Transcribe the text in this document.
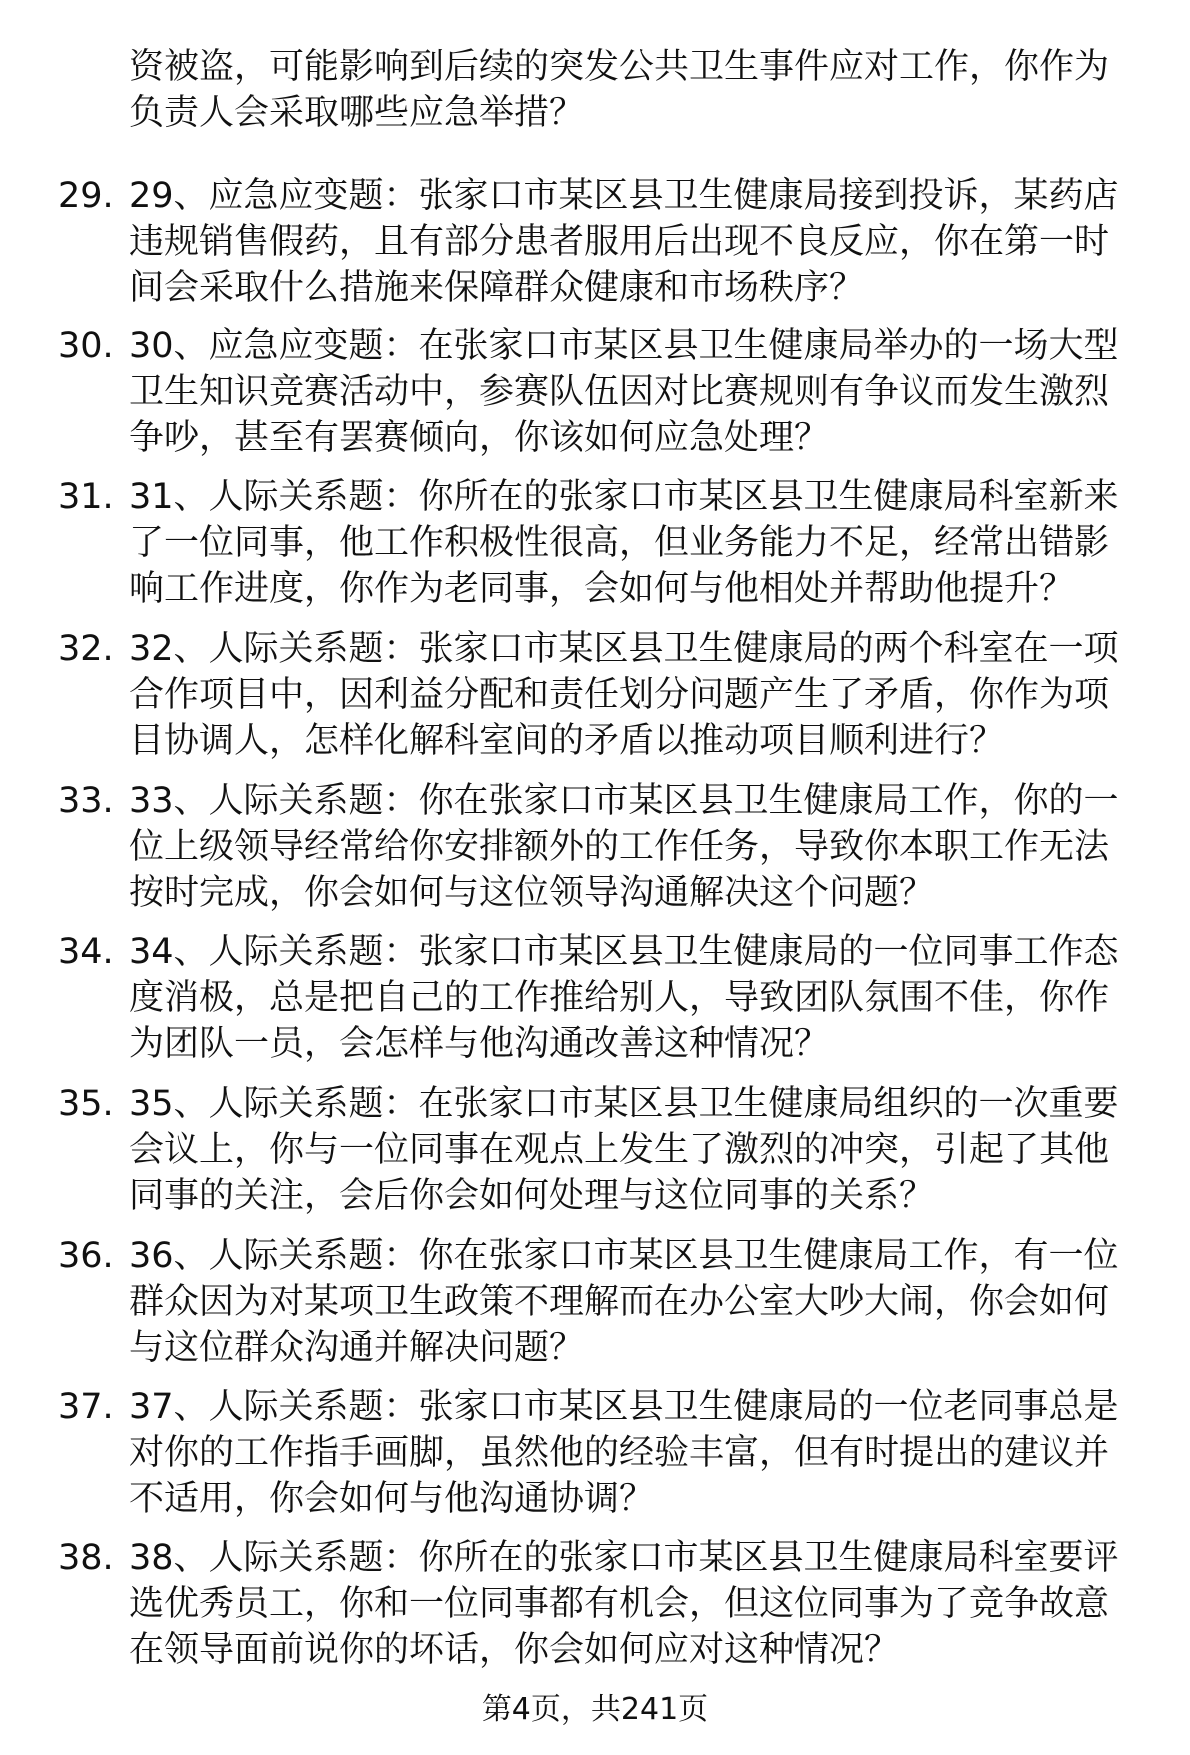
资被盗，可能影响到后续的突发公共卫生事件应对工作，你作为
负责人会采取哪些应急举措？
29. 29、应急应变题：张家口市某区县卫生健康局接到投诉，某药店
违规销售假药，且有部分患者服用后出现不良反应，你在第一时
间会采取什么措施来保障群众健康和市场秩序？
30. 30、应急应变题：在张家口市某区县卫生健康局举办的一场大型
卫生知识竞赛活动中，参赛队伍因对比赛规则有争议而发生激烈
争吵，甚至有罢赛倾向，你该如何应急处理？
31. 31、人际关系题：你所在的张家口市某区县卫生健康局科室新来
了一位同事，他工作积极性很高，但业务能力不足，经常出错影
响工作进度，你作为老同事，会如何与他相处并帮助他提升？
32. 32、人际关系题：张家口市某区县卫生健康局的两个科室在一项
合作项目中，因利益分配和责任划分问题产生了矛盾，你作为项
目协调人，怎样化解科室间的矛盾以推动项目顺利进行？
33. 33、人际关系题：你在张家口市某区县卫生健康局工作，你的一
位上级领导经常给你安排额外的工作任务，导致你本职工作无法
按时完成，你会如何与这位领导沟通解决这个问题？
34. 34、人际关系题：张家口市某区县卫生健康局的一位同事工作态
度消极，总是把自己的工作推给别人，导致团队氛围不佳，你作
为团队一员，会怎样与他沟通改善这种情况？
35. 35、人际关系题：在张家口市某区县卫生健康局组织的一次重要
会议上，你与一位同事在观点上发生了激烈的冲突，引起了其他
同事的关注，会后你会如何处理与这位同事的关系？
36. 36、人际关系题：你在张家口市某区县卫生健康局工作，有一位
群众因为对某项卫生政策不理解而在办公室大吵大闹，你会如何
与这位群众沟通并解决问题？
37. 37、人际关系题：张家口市某区县卫生健康局的一位老同事总是
对你的工作指手画脚，虽然他的经验丰富，但有时提出的建议并
不适用，你会如何与他沟通协调？
38. 38、人际关系题：你所在的张家口市某区县卫生健康局科室要评
选优秀员工，你和一位同事都有机会，但这位同事为了竞争故意
在领导面前说你的坏话，你会如何应对这种情况？
第4页，共241页
